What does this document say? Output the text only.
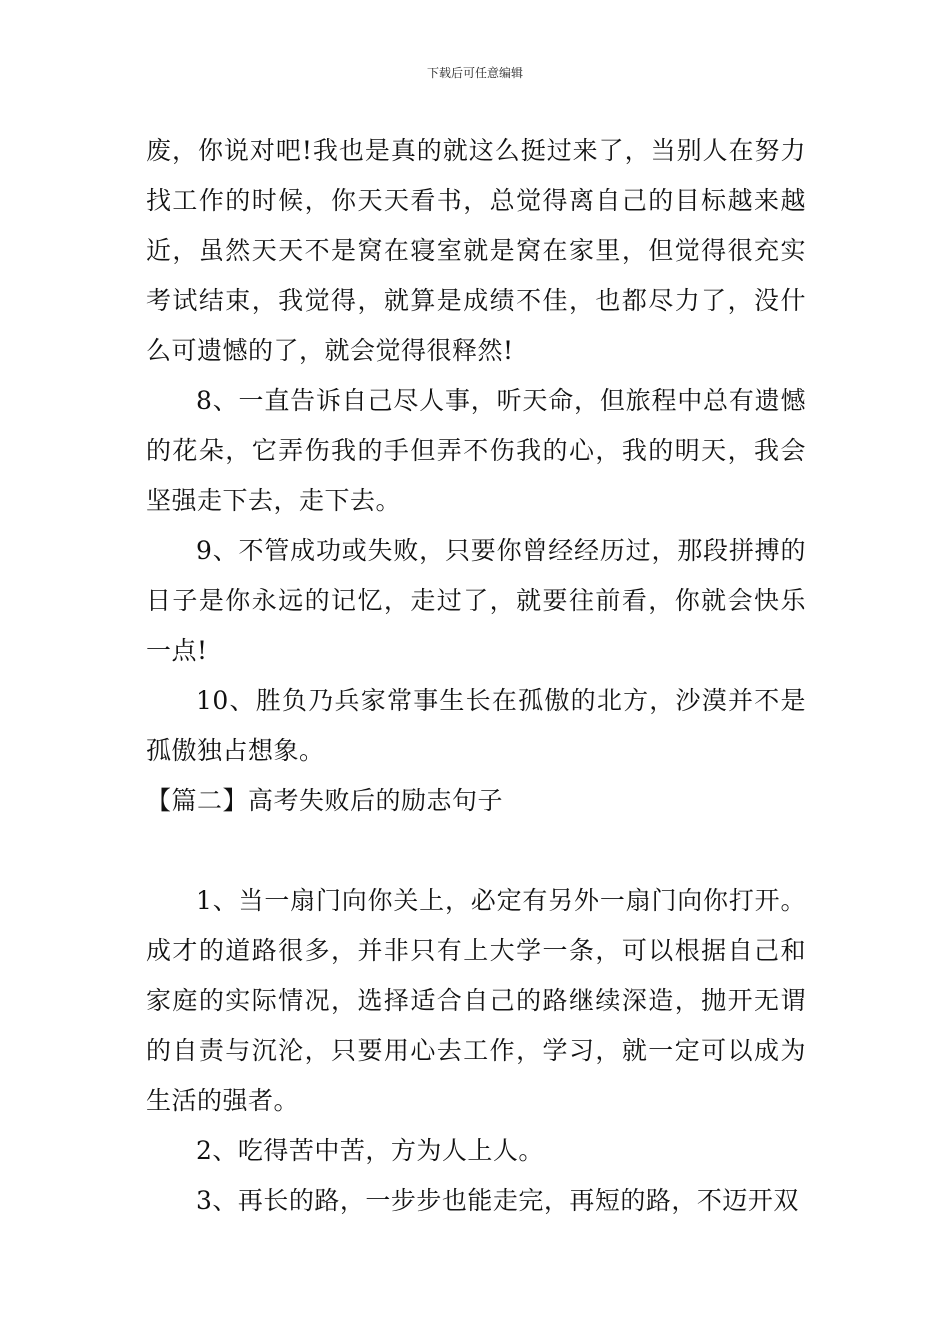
下载后可任意编辑

废，你说对吧!我也是真的就这么挺过来了，当别人在努力找工作的时候，你天天看书，总觉得离自己的目标越来越近，虽然天天不是窝在寝室就是窝在家里，但觉得很充实考试结束，我觉得，就算是成绩不佳，也都尽力了，没什么可遗憾的了，就会觉得很释然!

8、一直告诉自己尽人事，听天命，但旅程中总有遗憾的花朵，它弄伤我的手但弄不伤我的心，我的明天，我会坚强走下去，走下去。

9、不管成功或失败，只要你曾经经历过，那段拼搏的日子是你永远的记忆，走过了，就要往前看，你就会快乐一点!

10、胜负乃兵家常事生长在孤傲的北方，沙漠并不是孤傲独占想象。

【篇二】高考失败后的励志句子

1、当一扇门向你关上，必定有另外一扇门向你打开。成才的道路很多，并非只有上大学一条，可以根据自己和家庭的实际情况，选择适合自己的路继续深造，抛开无谓的自责与沉沦，只要用心去工作，学习，就一定可以成为生活的强者。

2、吃得苦中苦，方为人上人。

3、再长的路，一步步也能走完，再短的路，不迈开双
